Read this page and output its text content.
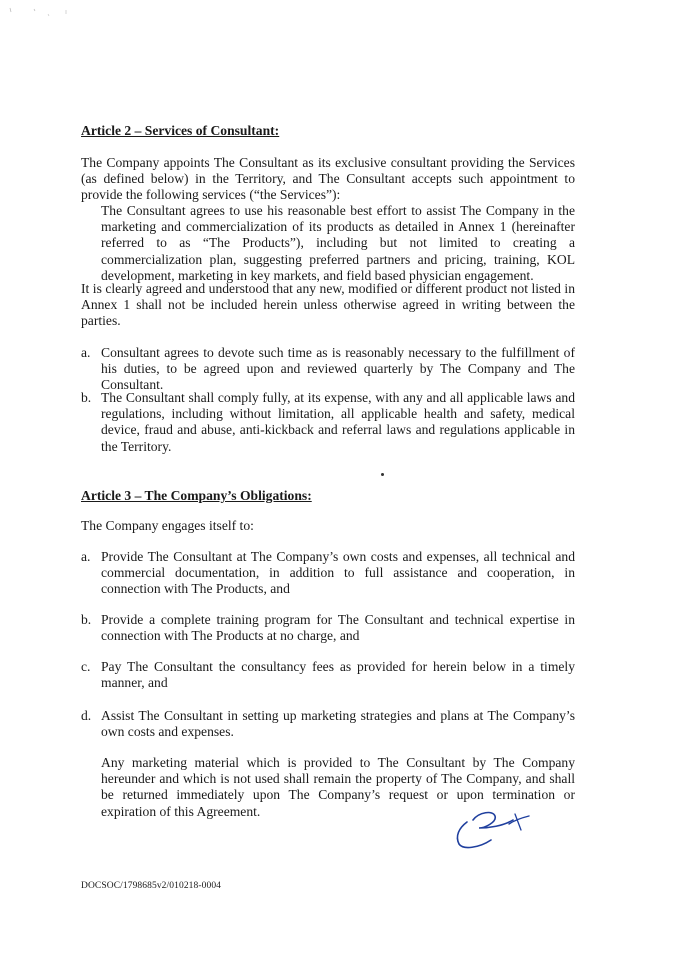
Article 2 – Services of Consultant:
The Company appoints The Consultant as its exclusive consultant providing the Services (as defined below) in the Territory, and The Consultant accepts such appointment to provide the following services (“the Services”):
The Consultant agrees to use his reasonable best effort to assist The Company in the marketing and commercialization of its products as detailed in Annex 1 (hereinafter referred to as “The Products”), including but not limited to creating a commercialization plan, suggesting preferred partners and pricing, training, KOL development, marketing in key markets, and field based physician engagement.
It is clearly agreed and understood that any new, modified or different product not listed in Annex 1 shall not be included herein unless otherwise agreed in writing between the parties.
a. Consultant agrees to devote such time as is reasonably necessary to the fulfillment of his duties, to be agreed upon and reviewed quarterly by The Company and The Consultant.
b. The Consultant shall comply fully, at its expense, with any and all applicable laws and regulations, including without limitation, all applicable health and safety, medical device, fraud and abuse, anti-kickback and referral laws and regulations applicable in the Territory.
Article 3 – The Company’s Obligations:
The Company engages itself to:
a. Provide The Consultant at The Company’s own costs and expenses, all technical and commercial documentation, in addition to full assistance and cooperation, in connection with The Products, and
b. Provide a complete training program for The Consultant and technical expertise in connection with The Products at no charge, and
c. Pay The Consultant the consultancy fees as provided for herein below in a timely manner, and
d. Assist The Consultant in setting up marketing strategies and plans at The Company’s own costs and expenses.
Any marketing material which is provided to The Consultant by The Company hereunder and which is not used shall remain the property of The Company, and shall be returned immediately upon The Company’s request or upon termination or expiration of this Agreement.
DOCSOC/1798685v2/010218-0004
